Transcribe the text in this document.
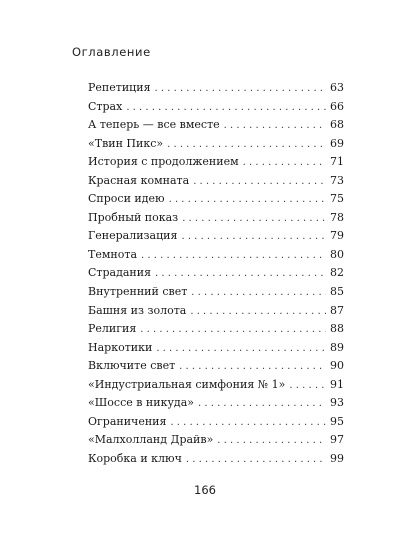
Оглавление
Репетиция . . .	63
Страх . . .	66
А теперь — все вместе . . .	68
«Твин Пикс» . . .	69
История с продолжением . . .	71
Красная комната . . .	73
Спроси идею . . .	75
Пробный показ . . .	78
Генерализация . . .	79
Темнота . . .	80
Страдания . . .	82
Внутренний свет . . .	85
Башня из золота . . .	87
Религия . . .	88
Наркотики . . .	89
Включите свет . . .	90
«Индустриальная симфония № 1» . . .	91
«Шоссе в никуда» . . .	93
Ограничения . . .	95
«Малхолланд Драйв» . . .	97
Коробка и ключ . . .	99
166
